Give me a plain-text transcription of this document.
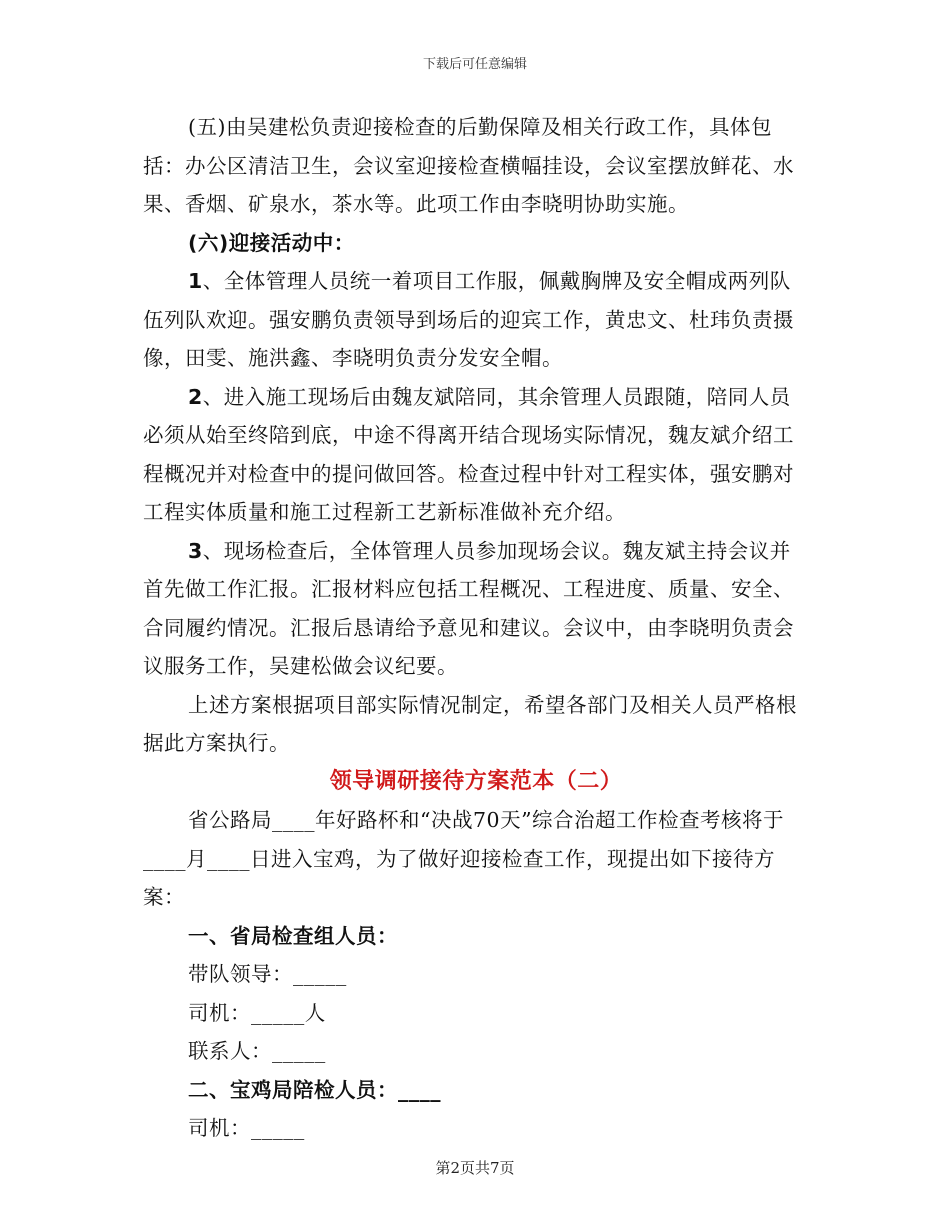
下载后可任意编辑

(五)由吴建松负责迎接检查的后勤保障及相关行政工作，具体包括：办公区清洁卫生，会议室迎接检查横幅挂设，会议室摆放鲜花、水果、香烟、矿泉水，茶水等。此项工作由李晓明协助实施。

(六)迎接活动中：

1、全体管理人员统一着项目工作服，佩戴胸牌及安全帽成两列队伍列队欢迎。强安鹏负责领导到场后的迎宾工作，黄忠文、杜玮负责摄像，田雯、施洪鑫、李晓明负责分发安全帽。

2、进入施工现场后由魏友斌陪同，其余管理人员跟随，陪同人员必须从始至终陪到底，中途不得离开结合现场实际情况，魏友斌介绍工程概况并对检查中的提问做回答。检查过程中针对工程实体，强安鹏对工程实体质量和施工过程新工艺新标准做补充介绍。

3、现场检查后，全体管理人员参加现场会议。魏友斌主持会议并首先做工作汇报。汇报材料应包括工程概况、工程进度、质量、安全、合同履约情况。汇报后恳请给予意见和建议。会议中，由李晓明负责会议服务工作，吴建松做会议纪要。

上述方案根据项目部实际情况制定，希望各部门及相关人员严格根据此方案执行。

领导调研接待方案范本（二）

省公路局____年好路杯和“决战70天”综合治超工作检查考核将于____月____日进入宝鸡，为了做好迎接检查工作，现提出如下接待方案：

一、省局检查组人员：

带队领导：_____

司机：_____人

联系人：_____

二、宝鸡局陪检人员：____

司机：_____

第2页共7页
